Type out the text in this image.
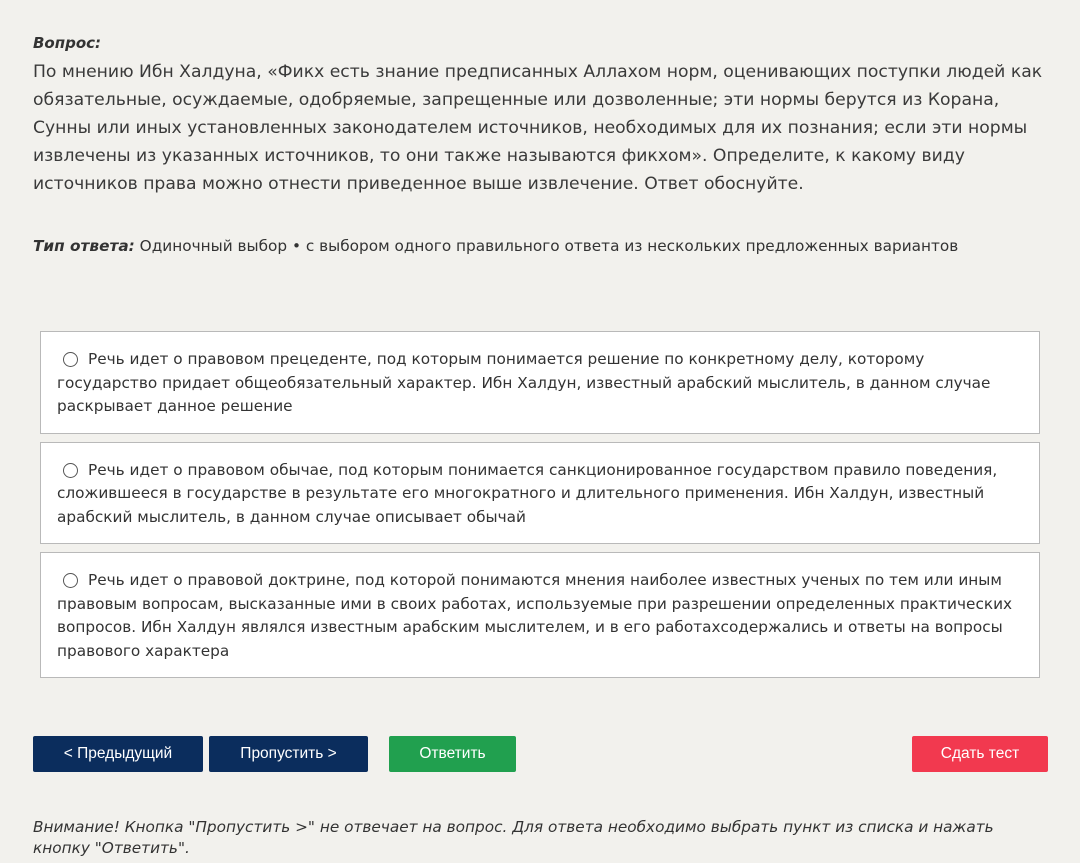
Вопрос:
По мнению Ибн Халдуна, «Фикх есть знание предписанных Аллахом норм, оценивающих поступки людей как обязательные, осуждаемые, одобряемые, запрещенные или дозволенные; эти нормы берутся из Корана, Сунны или иных установленных законодателем источников, необходимых для их познания; если эти нормы извлечены из указанных источников, то они также называются фикхом». Определите, к какому виду источников права можно отнести приведенное выше извлечение. Ответ обоснуйте.
Тип ответа: Одиночный выбор • с выбором одного правильного ответа из нескольких предложенных вариантов
Речь идет о правовом прецеденте, под которым понимается решение по конкретному делу, которому государство придает общеобязательный характер. Ибн Халдун, известный арабский мыслитель, в данном случае раскрывает данное решение
Речь идет о правовом обычае, под которым понимается санкционированное государством правило поведения, сложившееся в государстве в результате его многократного и длительного применения. Ибн Халдун, известный арабский мыслитель, в данном случае описывает обычай
Речь идет о правовой доктрине, под которой понимаются мнения наиболее известных ученых по тем или иным правовым вопросам, высказанные ими в своих работах, используемые при разрешении определенных практических вопросов. Ибн Халдун являлся известным арабским мыслителем, и в его работахсодержались и ответы на вопросы правового характера
< Предыдущий	Пропустить >	Ответить	Сдать тест
Внимание! Кнопка "Пропустить >" не отвечает на вопрос. Для ответа необходимо выбрать пункт из списка и нажать кнопку "Ответить".
